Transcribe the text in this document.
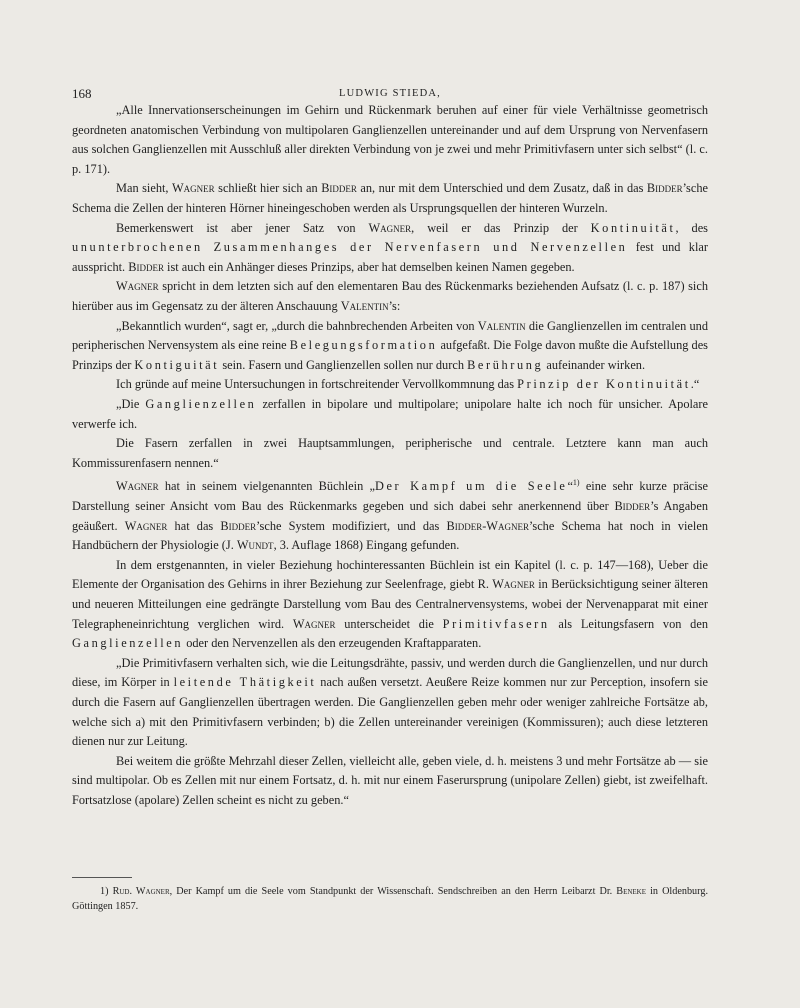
168	LUDWIG STIEDA,

„Alle Innervationserscheinungen im Gehirn und Rückenmark beruhen auf einer für viele Verhältnisse geometrisch geordneten anatomischen Verbindung von multipolaren Ganglienzellen untereinander und auf dem Ursprung von Nervenfasern aus solchen Ganglienzellen mit Ausschluß aller direkten Verbindung von je zwei und mehr Primitivfasern unter sich selbst“ (l. c. p. 171).

Man sieht, Wagner schließt hier sich an Bidder an, nur mit dem Unterschied und dem Zusatz, daß in das Bidder’sche Schema die Zellen der hinteren Hörner hineingeschoben werden als Ursprungsquellen der hinteren Wurzeln.

Bemerkenswert ist aber jener Satz von Wagner, weil er das Prinzip der Kontinuität, des ununterbrochenen Zusammenhanges der Nervenfasern und Nervenzellen fest und klar ausspricht. Bidder ist auch ein Anhänger dieses Prinzips, aber hat demselben keinen Namen gegeben.

Wagner spricht in dem letzten sich auf den elementaren Bau des Rückenmarks beziehenden Aufsatz (l. c. p. 187) sich hierüber aus im Gegensatz zu der älteren Anschauung Valentin’s:

„Bekanntlich wurden“, sagt er, „durch die bahnbrechenden Arbeiten von Valentin die Ganglienzellen im centralen und peripherischen Nervensystem als eine reine Belegungsformation aufgefaßt. Die Folge davon mußte die Aufstellung des Prinzips der Kontiguität sein. Fasern und Ganglienzellen sollen nur durch Berührung aufeinander wirken.

Ich gründe auf meine Untersuchungen in fortschreitender Vervollkommnung das Prinzip der Kontinuität.“

„Die Ganglienzellen zerfallen in bipolare und multipolare; unipolare halte ich noch für unsicher. Apolare verwerfe ich.

Die Fasern zerfallen in zwei Hauptsammlungen, peripherische und centrale. Letztere kann man auch Kommissurenfasern nennen.“

Wagner hat in seinem vielgenannten Büchlein „Der Kampf um die Seele“$^{1)}$ eine sehr kurze präcise Darstellung seiner Ansicht vom Bau des Rückenmarks gegeben und sich dabei sehr anerkennend über Bidder’s Angaben geäußert. Wagner hat das Bidder’sche System modifiziert, und das Bidder-Wagner’sche Schema hat noch in vielen Handbüchern der Physiologie (J. Wundt, 3. Auflage 1868) Eingang gefunden.

In dem erstgenannten, in vieler Beziehung hochinteressanten Büchlein ist ein Kapitel (l. c. p. 147—168), Ueber die Elemente der Organisation des Gehirns in ihrer Beziehung zur Seelenfrage, giebt R. Wagner in Berücksichtigung seiner älteren und neueren Mitteilungen eine gedrängte Darstellung vom Bau des Centralnervensystems, wobei der Nervenapparat mit einer Telegrapheneinrichtung verglichen wird. Wagner unterscheidet die Primitivfasern als Leitungsfasern von den Ganglienzellen oder den Nervenzellen als den erzeugenden Kraftapparaten.

„Die Primitivfasern verhalten sich, wie die Leitungsdrähte, passiv, und werden durch die Ganglienzellen, und nur durch diese, im Körper in leitende Thätigkeit nach außen versetzt. Aeußere Reize kommen nur zur Perception, insofern sie durch die Fasern auf Ganglienzellen übertragen werden. Die Ganglienzellen geben mehr oder weniger zahlreiche Fortsätze ab, welche sich a) mit den Primitivfasern verbinden; b) die Zellen untereinander vereinigen (Kommissuren); auch diese letzteren dienen nur zur Leitung.

Bei weitem die größte Mehrzahl dieser Zellen, vielleicht alle, geben viele, d. h. meistens 3 und mehr Fortsätze ab — sie sind multipolar. Ob es Zellen mit nur einem Fortsatz, d. h. mit nur einem Faserursprung (unipolare Zellen) giebt, ist zweifelhaft. Fortsatzlose (apolare) Zellen scheint es nicht zu geben.“

1) Rud. Wagner, Der Kampf um die Seele vom Standpunkt der Wissenschaft. Sendschreiben an den Herrn Leibarzt Dr. Beneke in Oldenburg. Göttingen 1857.
